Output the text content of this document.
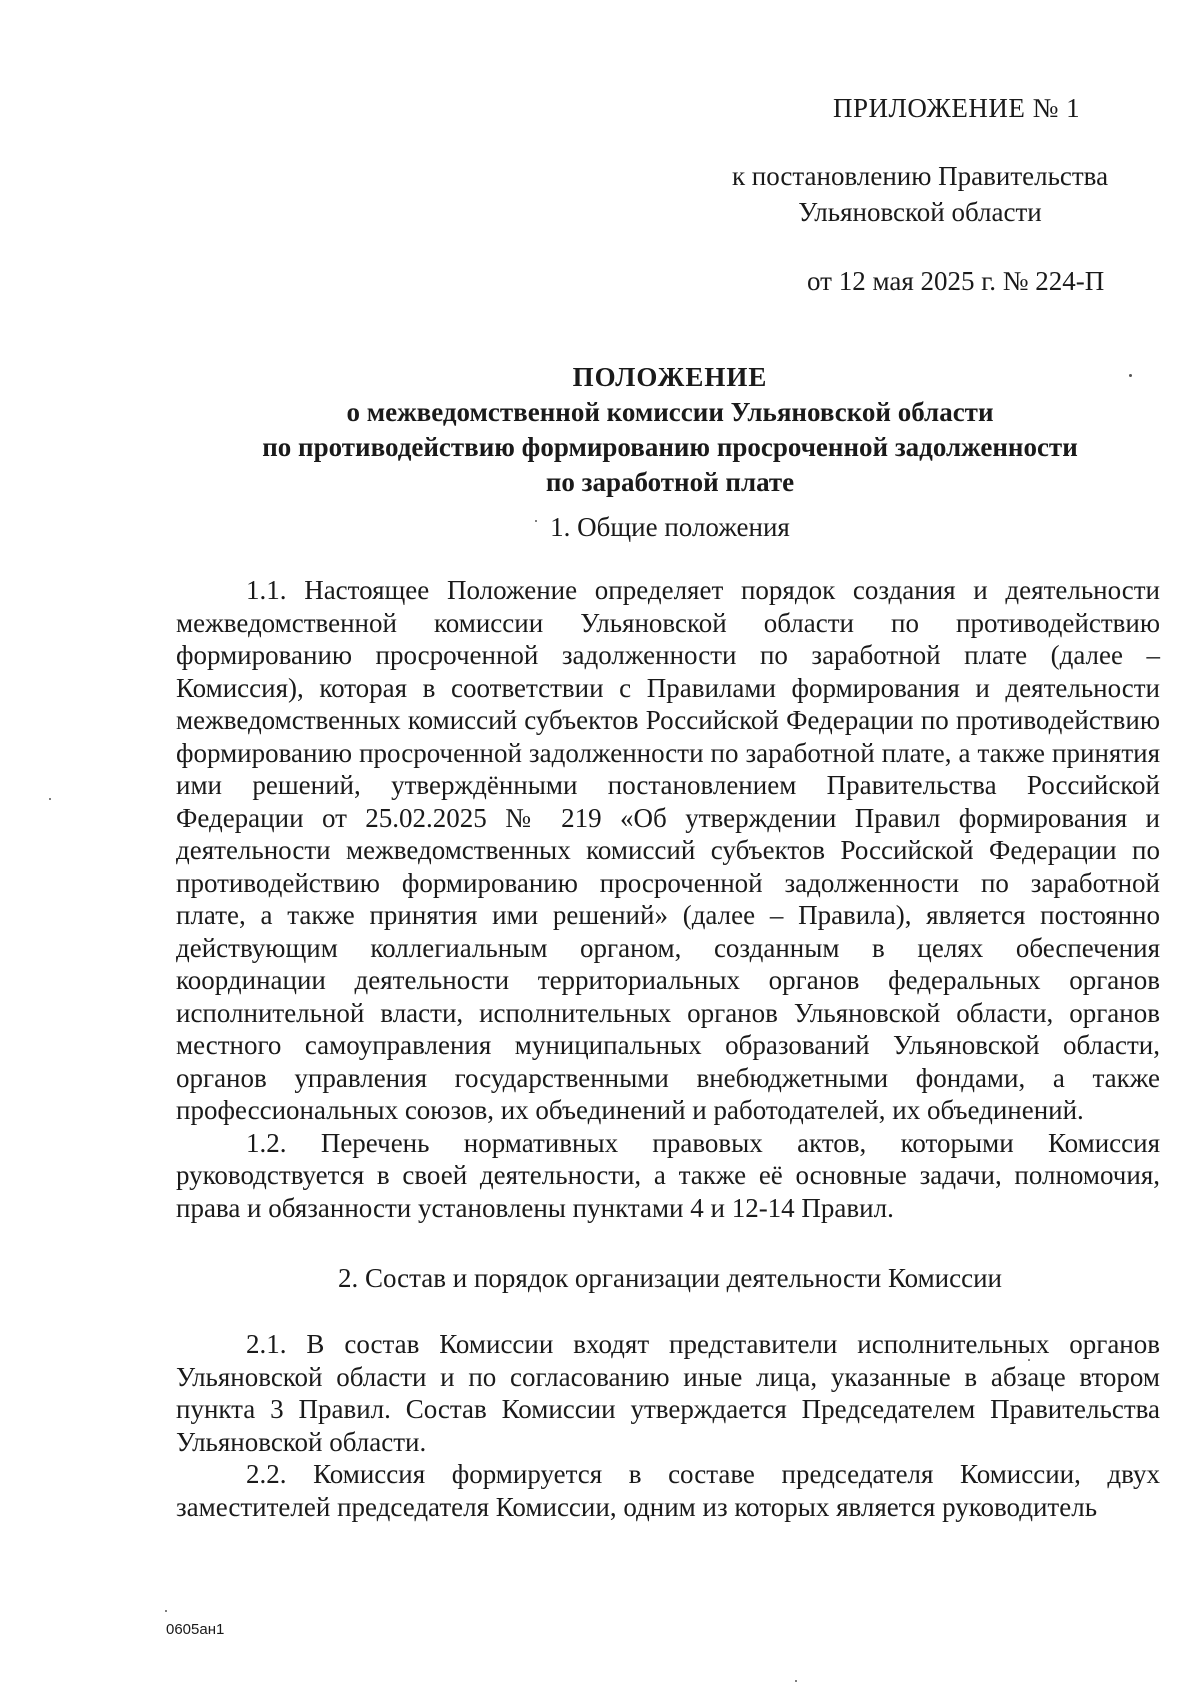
ПРИЛОЖЕНИЕ № 1
к постановлению Правительства
Ульяновской области
от 12 мая 2025 г. № 224-П
ПОЛОЖЕНИЕ
о межведомственной комиссии Ульяновской области
по противодействию формированию просроченной задолженности
по заработной плате
1. Общие положения

1.1. Настоящее Положение определяет порядок создания и деятельности межведомственной комиссии Ульяновской области по противодействию формированию просроченной задолженности по заработной плате (далее – Комиссия), которая в соответствии с Правилами формирования и деятельности межведомственных комиссий субъектов Российской Федерации по противодействию формированию просроченной задолженности по заработной плате, а также принятия ими решений, утверждёнными постановлением Правительства Российской Федерации от 25.02.2025 № 219 «Об утверждении Правил формирования и деятельности межведомственных комиссий субъектов Российской Федерации по противодействию формированию просроченной задолженности по заработной плате, а также принятия ими решений» (далее – Правила), является постоянно действующим коллегиальным органом, созданным в целях обеспечения координации деятельности территориальных органов федеральных органов исполнительной власти, исполнительных органов Ульяновской области, органов местного самоуправления муниципальных образований Ульяновской области, органов управления государственными внебюджетными фондами, а также профессиональных союзов, их объединений и работодателей, их объединений.

1.2. Перечень нормативных правовых актов, которыми Комиссия руководствуется в своей деятельности, а также её основные задачи, полномочия, права и обязанности установлены пунктами 4 и 12-14 Правил.

2. Состав и порядок организации деятельности Комиссии

2.1. В состав Комиссии входят представители исполнительных органов Ульяновской области и по согласованию иные лица, указанные в абзаце втором пункта 3 Правил. Состав Комиссии утверждается Председателем Правительства Ульяновской области.

2.2. Комиссия формируется в составе председателя Комиссии, двух заместителей председателя Комиссии, одним из которых является руководитель

0605ан1
